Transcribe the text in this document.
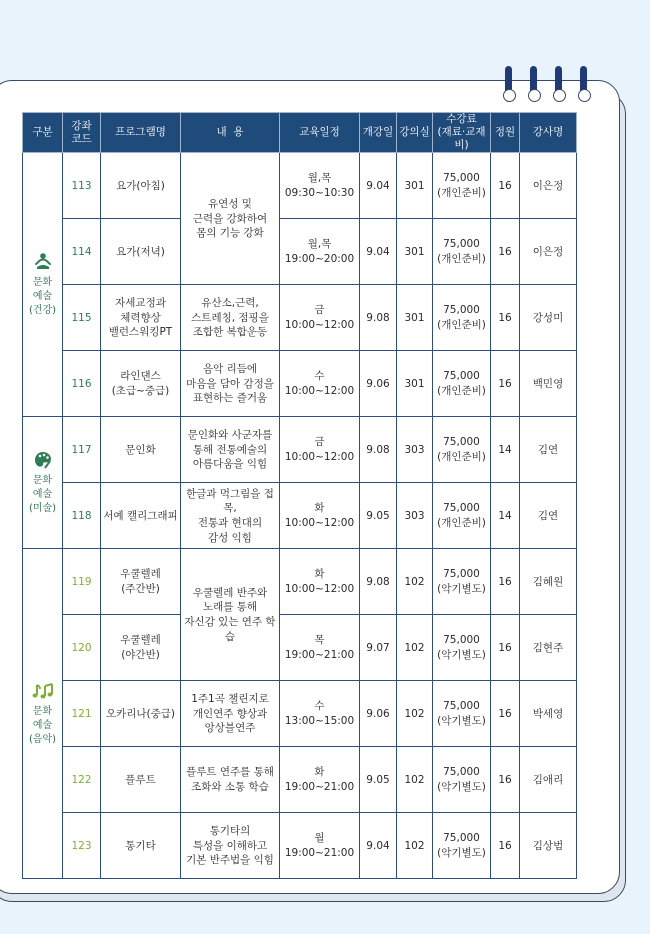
구분	강좌
코드	프로그램명	내  용	교육일정	개강일	강의실	수강료
(재료·교재비)	정원	강사명

문화
예술
(건강)	113	요가(아침)	유연성 및
근력을 강화하여
몸의 기능 강화	월,목
09:30~10:30	9.04	301	75,000
(개인준비)	16	이은정
	114	요가(저녁)		월,목
19:00~20:00	9.04	301	75,000
(개인준비)	16	이은정
	115	자세교정과
체력향상
밸런스워킹PT	유산소,근력,
스트레칭, 점핑을
조합한 복합운동	금
10:00~12:00	9.08	301	75,000
(개인준비)	16	강성미
	116	라인댄스
(초급~중급)	음악 리듬에
마음을 담아 감정을
표현하는 즐거움	수
10:00~12:00	9.06	301	75,000
(개인준비)	16	백민영

문화
예술
(미술)	117	문인화	문인화와 사군자를
통해 전통예술의
아름다움을 익힘	금
10:00~12:00	9.08	303	75,000
(개인준비)	14	김연
	118	서예 캘리그래피	한글과 먹그림을 접목,
전통과 현대의
감성 익힘	화
10:00~12:00	9.05	303	75,000
(개인준비)	14	김연

문화
예술
(음악)	119	우쿨렐레
(주간반)	우쿨렐레 반주와
노래를 통해
자신감 있는 연주 학습	화
10:00~12:00	9.08	102	75,000
(악기별도)	16	김혜원
	120	우쿨렐레
(야간반)		목
19:00~21:00	9.07	102	75,000
(악기별도)	16	김현주
	121	오카리나(중급)	1주1곡 챌린지로
개인연주 향상과
앙상블연주	수
13:00~15:00	9.06	102	75,000
(악기별도)	16	박세영
	122	플루트	플루트 연주를 통해
조화와 소통 학습	화
19:00~21:00	9.05	102	75,000
(악기별도)	16	김애리
	123	통기타	통기타의
특성을 이해하고
기본 반주법을 익힘	월
19:00~21:00	9.04	102	75,000
(악기별도)	16	김상범
